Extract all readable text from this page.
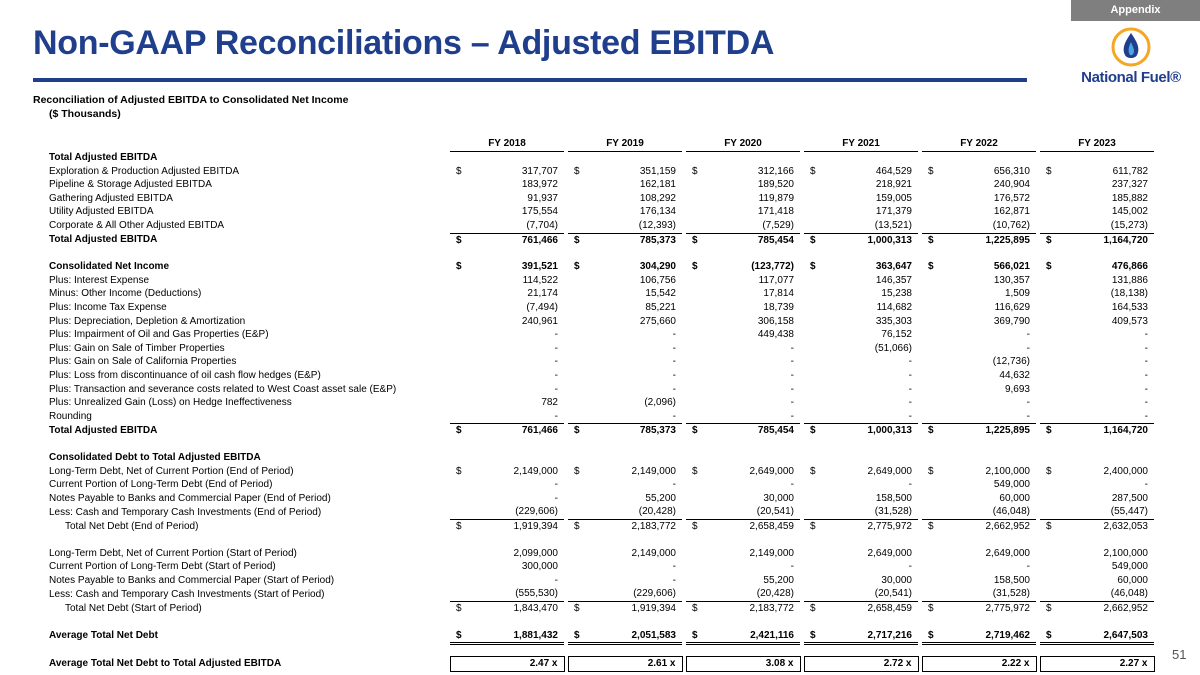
Appendix
Non-GAAP Reconciliations – Adjusted EBITDA
National Fuel®
Reconciliation of Adjusted EBITDA to Consolidated Net Income
($ Thousands)
	FY 2018		FY 2019		FY 2020		FY 2021		FY 2022		FY 2023
Total Adjusted EBITDA											
Exploration & Production Adjusted EBITDA	$ 317,707		$ 351,159		$ 312,166		$ 464,529		$ 656,310		$ 611,782
Pipeline & Storage Adjusted EBITDA	183,972		162,181		189,520		218,921		240,904		237,327
Gathering Adjusted EBITDA	91,937		108,292		119,879		159,005		176,572		185,882
Utility Adjusted EBITDA	175,554		176,134		171,418		171,379		162,871		145,002
Corporate & All Other Adjusted EBITDA	(7,704)		(12,393)		(7,529)		(13,521)		(10,762)		(15,273)
Total Adjusted EBITDA	$ 761,466		$ 785,373		$ 785,454		$ 1,000,313		$ 1,225,895		$ 1,164,720

Consolidated Net Income	$ 391,521		$ 304,290		$ (123,772)		$ 363,647		$ 566,021		$ 476,866
Plus: Interest Expense	114,522		106,756		117,077		146,357		130,357		131,886
Minus: Other Income (Deductions)	21,174		15,542		17,814		15,238		1,509		(18,138)
Plus: Income Tax Expense	(7,494)		85,221		18,739		114,682		116,629		164,533
Plus: Depreciation, Depletion & Amortization	240,961		275,660		306,158		335,303		369,790		409,573
Plus: Impairment of Oil and Gas Properties (E&P)	-		-		449,438		76,152		-		-
Plus: Gain on Sale of Timber Properties	-		-		-		(51,066)		-		-
Plus: Gain on Sale of California Properties	-		-		-		-		(12,736)		-
Plus: Loss from discontinuance of oil cash flow hedges (E&P)	-		-		-		-		44,632		-
Plus: Transaction and severance costs related to West Coast asset sale (E&P)	-		-		-		-		9,693		-
Plus: Unrealized Gain (Loss) on Hedge Ineffectiveness	782		(2,096)		-		-		-		-
Rounding	-		-		-		-		-		-
Total Adjusted EBITDA	$ 761,466		$ 785,373		$ 785,454		$ 1,000,313		$ 1,225,895		$ 1,164,720

Consolidated Debt to Total Adjusted EBITDA											
Long-Term Debt, Net of Current Portion (End of Period)	$ 2,149,000		$ 2,149,000		$ 2,649,000		$ 2,649,000		$ 2,100,000		$ 2,400,000
Current Portion of Long-Term Debt (End of Period)	-		-		-		-		549,000		-
Notes Payable to Banks and Commercial Paper (End of Period)	-		55,200		30,000		158,500		60,000		287,500
Less: Cash and Temporary Cash Investments (End of Period)	(229,606)		(20,428)		(20,541)		(31,528)		(46,048)		(55,447)
Total Net Debt (End of Period)	$ 1,919,394		$ 2,183,772		$ 2,658,459		$ 2,775,972		$ 2,662,952		$ 2,632,053

Long-Term Debt, Net of Current Portion (Start of Period)	2,099,000		2,149,000		2,149,000		2,649,000		2,649,000		2,100,000
Current Portion of Long-Term Debt (Start of Period)	300,000		-		-		-		-		549,000
Notes Payable to Banks and Commercial Paper (Start of Period)	-		-		55,200		30,000		158,500		60,000
Less: Cash and Temporary Cash Investments (Start of Period)	(555,530)		(229,606)		(20,428)		(20,541)		(31,528)		(46,048)
Total Net Debt (Start of Period)	$ 1,843,470		$ 1,919,394		$ 2,183,772		$ 2,658,459		$ 2,775,972		$ 2,662,952

Average Total Net Debt	$ 1,881,432		$ 2,051,583		$ 2,421,116		$ 2,717,216		$ 2,719,462		$ 2,647,503

Average Total Net Debt to Total Adjusted EBITDA	2.47 x		2.61 x		3.08 x		2.72 x		2.22 x		2.27 x
51
